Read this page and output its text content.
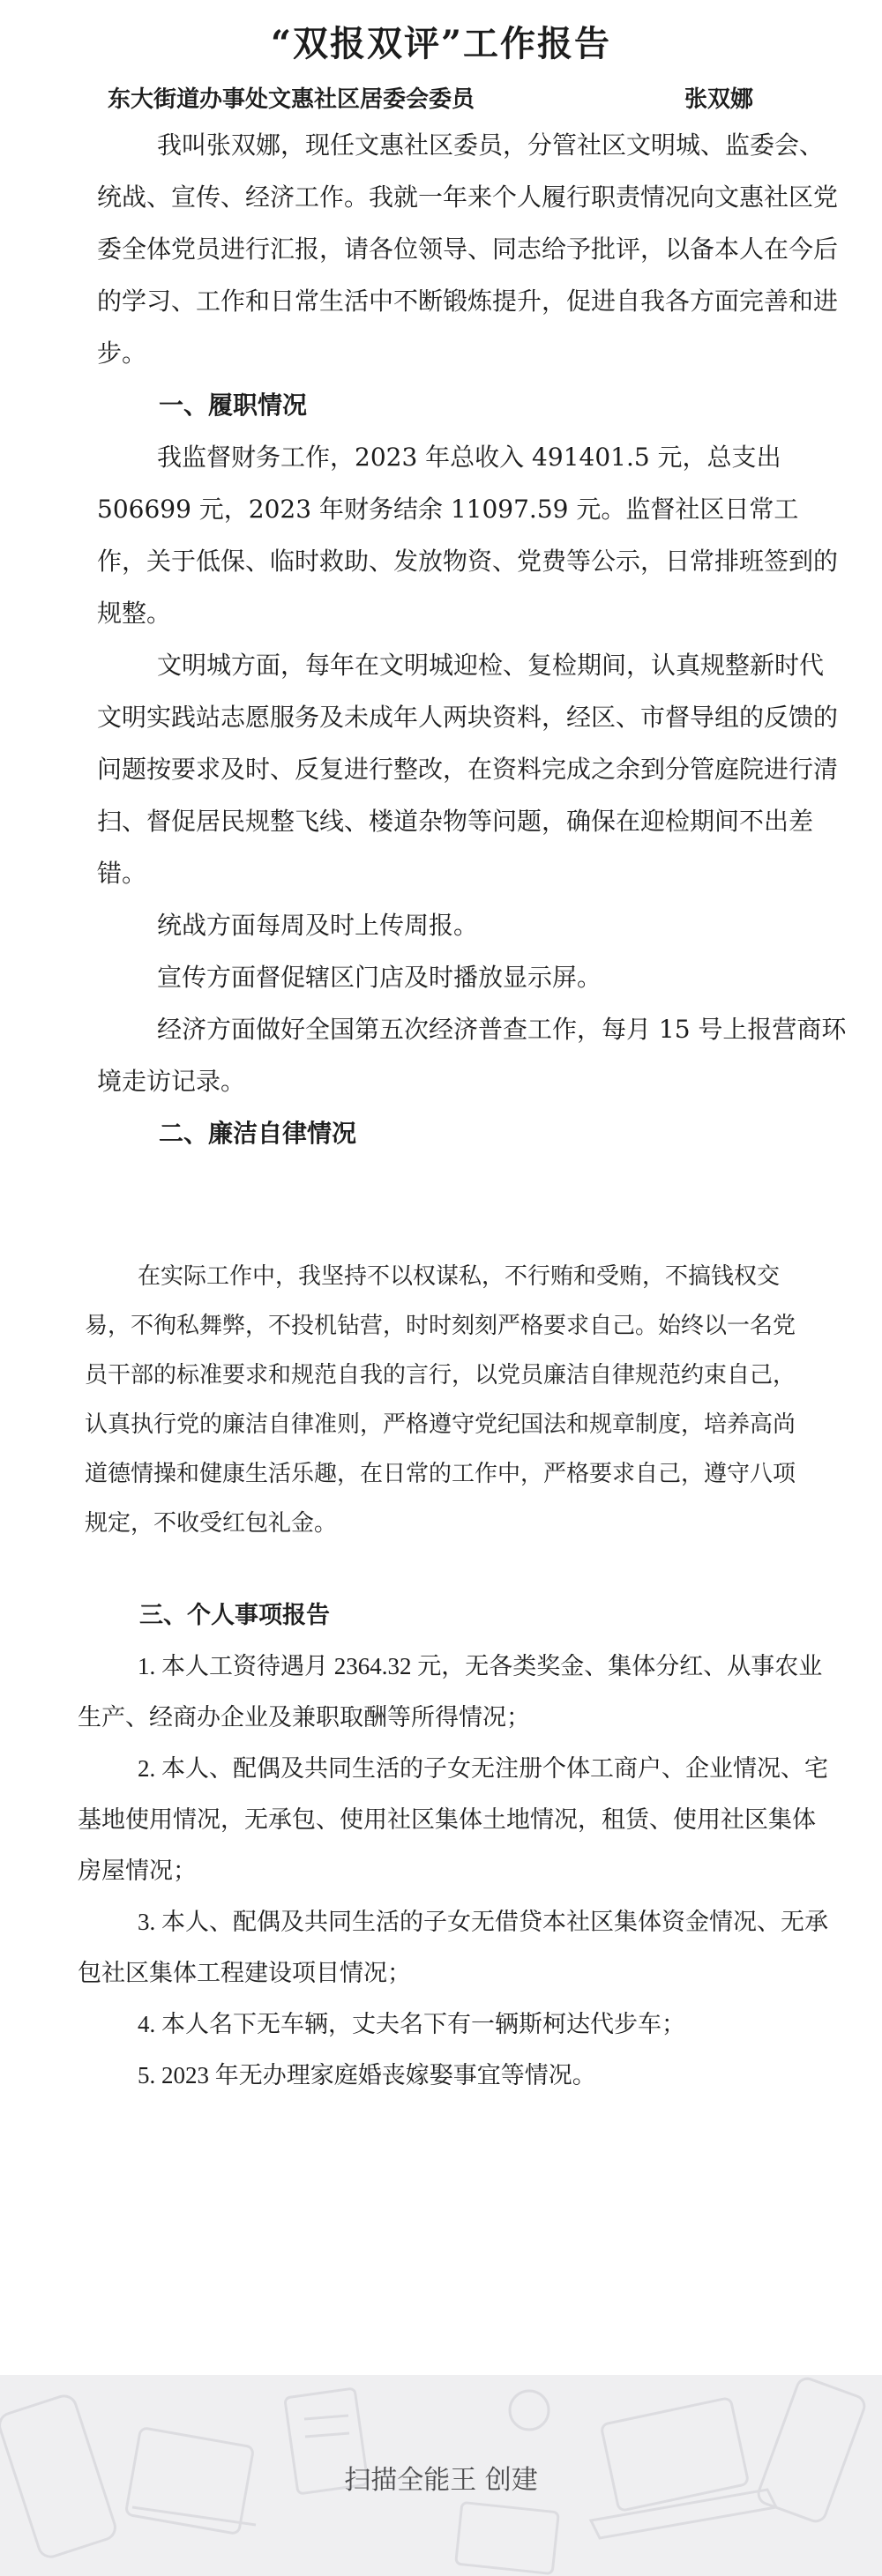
“双报双评”工作报告
东大街道办事处文惠社区居委会委员	张双娜

我叫张双娜，现任文惠社区委员，分管社区文明城、监委会、统战、宣传、经济工作。我就一年来个人履行职责情况向文惠社区党委全体党员进行汇报，请各位领导、同志给予批评，以备本人在今后的学习、工作和日常生活中不断锻炼提升，促进自我各方面完善和进步。

一、履职情况

我监督财务工作，2023 年总收入 491401.5 元，总支出 506699 元，2023 年财务结余 11097.59 元。监督社区日常工作，关于低保、临时救助、发放物资、党费等公示，日常排班签到的规整。

文明城方面，每年在文明城迎检、复检期间，认真规整新时代文明实践站志愿服务及未成年人两块资料，经区、市督导组的反馈的问题按要求及时、反复进行整改，在资料完成之余到分管庭院进行清扫、督促居民规整飞线、楼道杂物等问题，确保在迎检期间不出差错。

统战方面每周及时上传周报。

宣传方面督促辖区门店及时播放显示屏。

经济方面做好全国第五次经济普查工作，每月 15 号上报营商环境走访记录。

二、廉洁自律情况

在实际工作中，我坚持不以权谋私，不行贿和受贿，不搞钱权交易，不徇私舞弊，不投机钻营，时时刻刻严格要求自己。始终以一名党员干部的标准要求和规范自我的言行，以党员廉洁自律规范约束自己，认真执行党的廉洁自律准则，严格遵守党纪国法和规章制度，培养高尚道德情操和健康生活乐趣，在日常的工作中，严格要求自己，遵守八项规定，不收受红包礼金。

三、个人事项报告

1. 本人工资待遇月 2364.32 元，无各类奖金、集体分红、从事农业生产、经商办企业及兼职取酬等所得情况；

2. 本人、配偶及共同生活的子女无注册个体工商户、企业情况、宅基地使用情况，无承包、使用社区集体土地情况，租赁、使用社区集体房屋情况；

3. 本人、配偶及共同生活的子女无借贷本社区集体资金情况、无承包社区集体工程建设项目情况；

4. 本人名下无车辆，丈夫名下有一辆斯柯达代步车；

5. 2023 年无办理家庭婚丧嫁娶事宜等情况。

扫描全能王 创建
